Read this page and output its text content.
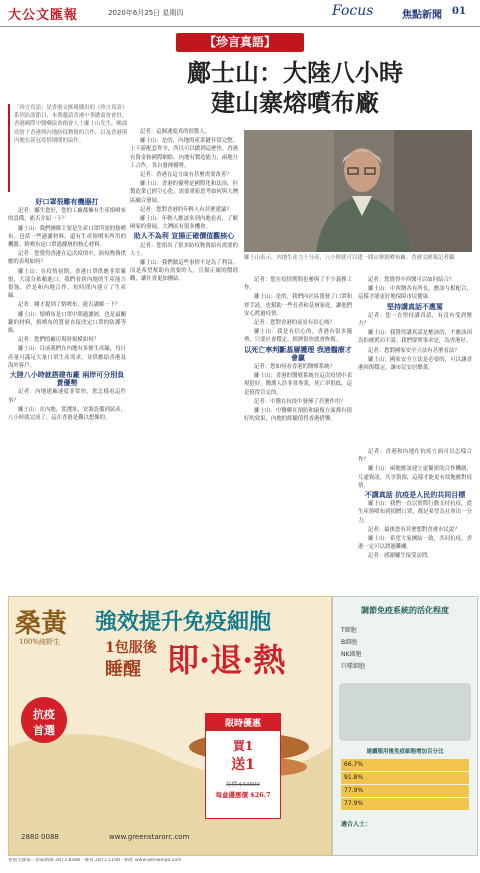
大公文匯報	2020年6月25日 星期四	Focus	焦點新聞 01
【珍言真語】
鄺士山：大陸八小時
建山寨熔噴布廠
「珍言真語」是香港文匯報播出的《珍言真語》系列訪談節目，本期邀請香港中華總商會會員、香港國際中醫藥協會創會人士鄺士山先生，暢談疫情下香港與內地防疫物資的合作，以及香港與內地在新冠疫情期間的協作。
鄺士山表示，內地生產力十分高，八小時就可以建一間山寨熔噴布廠。香港文匯報記者攝

好口罩很難有機器打

記者：鄺生您好，您的工廠都擁有生產熔噴布的設備，能否介紹一下？

鄺士山：我們團隊主要是生產口罩所需的熔噴布，包括一些過濾材料，還有生產熔噴布所用的機器。熔噴布是口罩過濾層的核心材料。

記者：您覺得香港在這次疫情中，防疫物資供應的表現如何？

鄺士山：在疫情初期，香港口罩供應非常緊張，大部分依賴進口。我們看到內地的生產能力很強，於是和內地合作，短時間內建立了生產線。

記者：剛才提到了熔噴布，能否講解一下？

鄺士山：熔噴布是口罩中間過濾層，也是最關鍵的材料，熔噴布的質量直接決定口罩的防護等級。

記者：您們的廠房現時規模如何？

鄺士山：目前我們在內地有多條生產線，每日產量可滿足大量口罩生產需求，並供應給香港及海外客戶。

大陸八小時就搭建布廠 兩岸可分別負責優勢

記者：內地建廠速度非常快，您怎樣看這件事？

鄺士山：在內地，從選址、安裝設備到試產，八小時就完成了，這在香港是難以想像的。

記者：這個速度真的很驚人。

鄺士山：是的，內地的產業鏈非常完整，上下游配套齊全，所以可以做到這麼快。香港有資金和國際網絡，內地有製造能力，兩地分工合作，各自發揮優勢。

記者：香港在這方面有甚麼需要改善？

鄺士山：香港的優勢是國際化和法治，但製造業已經空心化，需要重新思考如何與大灣區融合發展。

記者：您對香港的年輕人有甚麼建議？

鄺士山：年輕人應該多到內地看看，了解國家的發展，大灣區有很多機會。

助人不為利 宣揚正確價值觀核心

記者：您捐出了很多防疫物資給有需要的人士。

鄺士山：我們做這些事情不是為了利益，而是希望幫助有需要的人，宣揚正確的價值觀，讓社會更加團結。	記者：您在疫情期間也參與了不少義務工作。

鄺士山：是的，我們向社區派發了口罩和搓手液，也幫助一些長者和基層家庭，讓他們安心渡過疫情。

記者：您對香港的前景有信心嗎？

鄺士山：我是有信心的，香港有很多優勢，只要社會穩定，經濟很快就會恢復。

以死亡率判斷基層護理 我港醫療才會贏

記者：您如何看香港的醫療系統？

鄺士山：香港的醫療系統在這次疫情中表現很好，醫護人員非常專業，死亡率很低，這是值得肯定的。

記者：中醫在抗疫中發揮了甚麼作用？

鄺士山：中醫藥在預防和康復方面都有很好的效果，內地的經驗值得香港借鑒。

記者：您覺得中西醫可以如何結合？

鄺士山：中西醫各有所長，應該互相配合，這樣才能更好地保障市民健康。

堅持講真話不應罵

記者：您一直堅持講真話，有沒有受到壓力？

鄺士山：我覺得講真話是應該的，不應該因為怕被罵而不說。我們要實事求是，為香港好。

記者：您對國家安全立法有甚麼看法？

鄺士山：國家安全立法是必要的，可以讓香港回復穩定，讓市民安居樂業。

記者：香港和內地在抗疫方面可以怎樣合作？

鄺士山：兩地應該建立更緊密的合作機制，互通資訊，共享資源，這樣才能更有效地應對疫情。

不講真話 抗疫是人民的共同目標

鄺士山：我們一直以實際行動支持抗疫，從生產熔噴布到捐贈口罩，都是希望為社會出一分力。

記者：最後您有甚麼想對香港市民說？

鄺士山：希望大家團結一致，共同抗疫，香港一定可以渡過難關。

記者：感謝鄺生接受訪問。

桑黃
100%純野生
強效提升免疫細胞
1包服後
睡醒 即·退·熱
抗疫
首選	限時優惠
買1
送1
原價 $43800
每盒優惠價 $26.7
www.greenstarorc.com
2880 0088
調節免疫系統的活化程度
T細胞
B細胞
NK細胞
巨噬細胞
連續服用後免疫細胞增加百分比
66.7%
91.8%
77.9%
77.9%
適合人士：
香港文匯報 · 新聞熱線 2873 8288 · 傳真 2873 1198 · 網址 www.wenweipo.com
